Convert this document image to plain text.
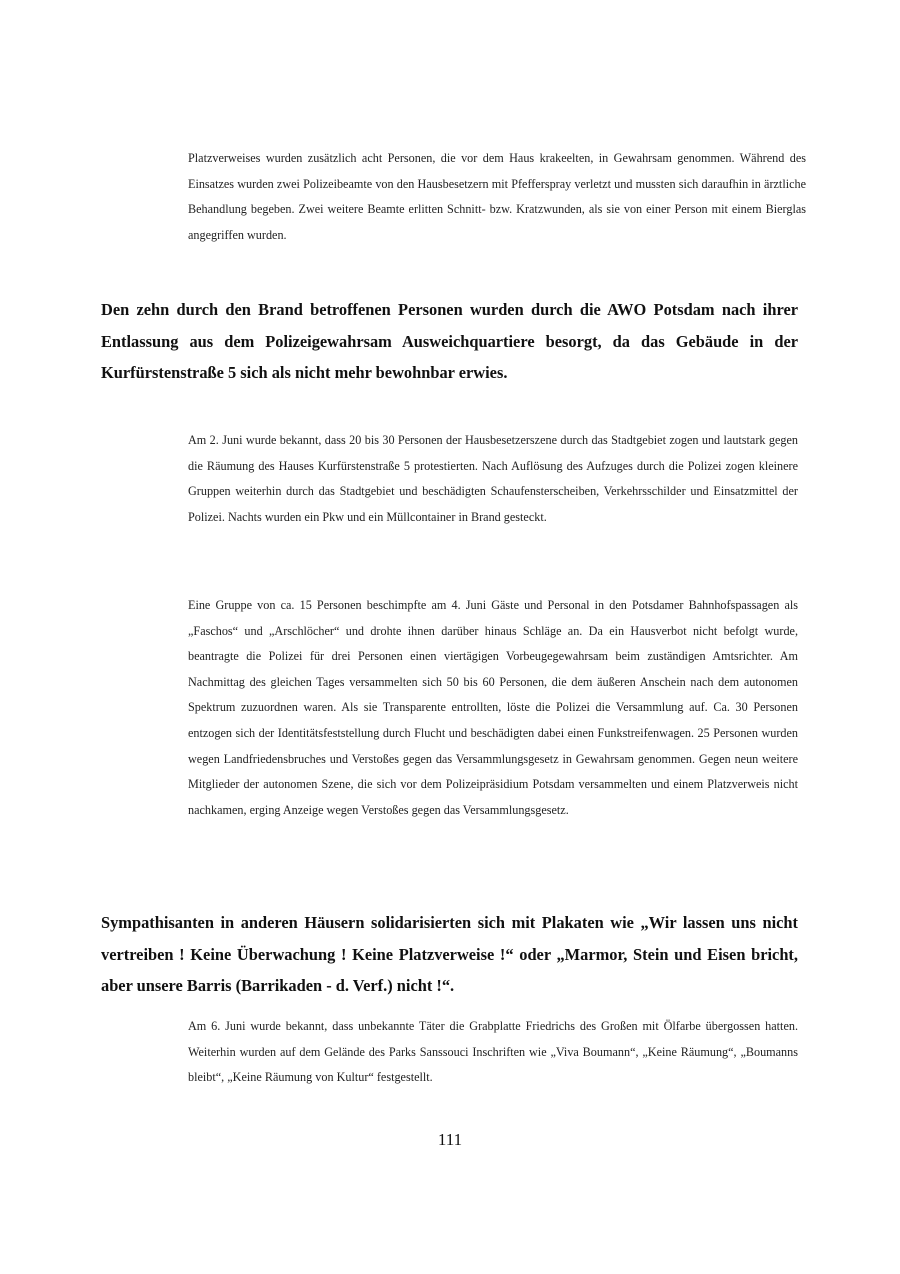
Platzverweises wurden zusätzlich acht Personen, die vor dem Haus krakeelten, in Gewahrsam genommen. Während des Einsatzes wurden zwei Polizeibeamte von den Hausbesetzern mit Pfefferspray verletzt und mussten sich daraufhin in ärztliche Behandlung begeben. Zwei weitere Beamte erlitten Schnitt- bzw. Kratzwunden, als sie von einer Person mit einem Bierglas angegriffen wurden.

Den zehn durch den Brand betroffenen Personen wurden durch die AWO Potsdam nach ihrer Entlassung aus dem Polizeigewahrsam Ausweichquartiere besorgt, da das Gebäude in der Kurfürstenstraße 5 sich als nicht mehr bewohnbar erwies.

Am 2. Juni wurde bekannt, dass 20 bis 30 Personen der Hausbesetzerszene durch das Stadtgebiet zogen und lautstark gegen die Räumung des Hauses Kurfürstenstraße 5 protestierten. Nach Auflösung des Aufzuges durch die Polizei zogen kleinere Gruppen weiterhin durch das Stadtgebiet und beschädigten Schaufensterscheiben, Verkehrsschilder und Einsatzmittel der Polizei. Nachts wurden ein Pkw und ein Müllcontainer in Brand gesteckt.

Eine Gruppe von ca. 15 Personen beschimpfte am 4. Juni Gäste und Personal in den Potsdamer Bahnhofspassagen als „Faschos“ und „Arschlöcher“ und drohte ihnen darüber hinaus Schläge an. Da ein Hausverbot nicht befolgt wurde, beantragte die Polizei für drei Personen einen viertägigen Vorbeugegewahrsam beim zuständigen Amtsrichter. Am Nachmittag des gleichen Tages versammelten sich 50 bis 60 Personen, die dem äußeren Anschein nach dem autonomen Spektrum zuzuordnen waren. Als sie Transparente entrollten, löste die Polizei die Versammlung auf. Ca. 30 Personen entzogen sich der Identitätsfeststellung durch Flucht und beschädigten dabei einen Funkstreifenwagen. 25 Personen wurden wegen Landfriedensbruches und Verstoßes gegen das Versammlungsgesetz in Gewahrsam genommen. Gegen neun weitere Mitglieder der autonomen Szene, die sich vor dem Polizeipräsidium Potsdam versammelten und einem Platzverweis nicht nachkamen, erging Anzeige wegen Verstoßes gegen das Versammlungsgesetz.

Sympathisanten in anderen Häusern solidarisierten sich mit Plakaten wie „Wir lassen uns nicht vertreiben ! Keine Überwachung ! Keine Platzverweise !“ oder „Marmor, Stein und Eisen bricht, aber unsere Barris (Barrikaden - d. Verf.) nicht !“.

Am 6. Juni wurde bekannt, dass unbekannte Täter die Grabplatte Friedrichs des Großen mit Ölfarbe übergossen hatten. Weiterhin wurden auf dem Gelände des Parks Sanssouci Inschriften wie „Viva Boumann“, „Keine Räumung“, „Boumanns bleibt“, „Keine Räumung von Kultur“ festgestellt.

111
